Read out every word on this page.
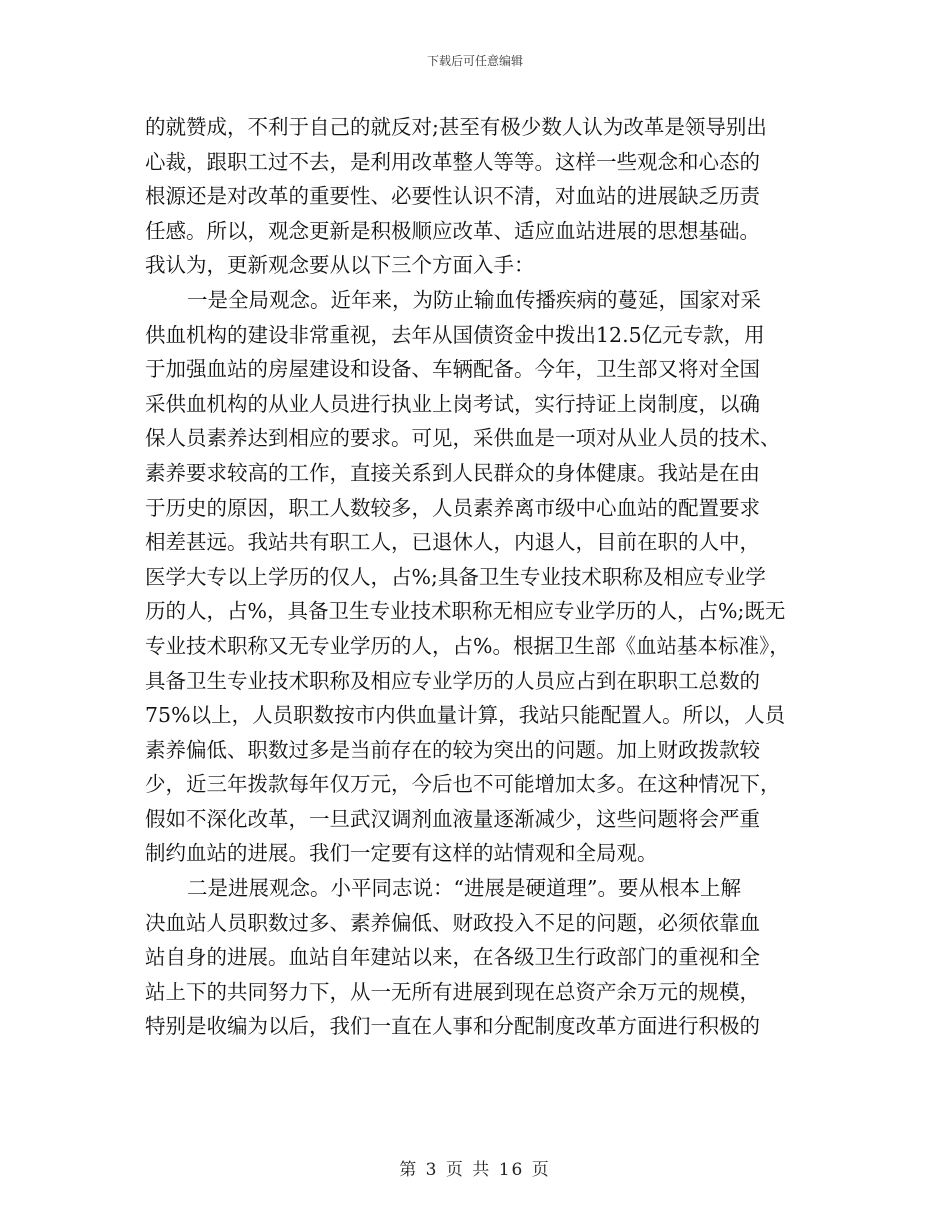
下载后可任意编辑
的就赞成，不利于自己的就反对;甚至有极少数人认为改革是领导别出
心裁，跟职工过不去，是利用改革整人等等。这样一些观念和心态的
根源还是对改革的重要性、必要性认识不清，对血站的进展缺乏历责
任感。所以，观念更新是积极顺应改革、适应血站进展的思想基础。
我认为，更新观念要从以下三个方面入手：
一是全局观念。近年来，为防止输血传播疾病的蔓延，国家对采
供血机构的建设非常重视，去年从国债资金中拨出12.5亿元专款，用
于加强血站的房屋建设和设备、车辆配备。今年，卫生部又将对全国
采供血机构的从业人员进行执业上岗考试，实行持证上岗制度，以确
保人员素养达到相应的要求。可见，采供血是一项对从业人员的技术、
素养要求较高的工作，直接关系到人民群众的身体健康。我站是在由
于历史的原因，职工人数较多，人员素养离市级中心血站的配置要求
相差甚远。我站共有职工人，已退休人，内退人，目前在职的人中，
医学大专以上学历的仅人，占%;具备卫生专业技术职称及相应专业学
历的人，占%，具备卫生专业技术职称无相应专业学历的人，占%;既无
专业技术职称又无专业学历的人，占%。根据卫生部《血站基本标准》，
具备卫生专业技术职称及相应专业学历的人员应占到在职职工总数的
75%以上，人员职数按市内供血量计算，我站只能配置人。所以，人员
素养偏低、职数过多是当前存在的较为突出的问题。加上财政拨款较
少，近三年拨款每年仅万元，今后也不可能增加太多。在这种情况下，
假如不深化改革，一旦武汉调剂血液量逐渐减少，这些问题将会严重
制约血站的进展。我们一定要有这样的站情观和全局观。
二是进展观念。小平同志说：“进展是硬道理”。要从根本上解
决血站人员职数过多、素养偏低、财政投入不足的问题，必须依靠血
站自身的进展。血站自年建站以来，在各级卫生行政部门的重视和全
站上下的共同努力下，从一无所有进展到现在总资产余万元的规模，
特别是收编为以后，我们一直在人事和分配制度改革方面进行积极的
第 3 页 共 16 页
